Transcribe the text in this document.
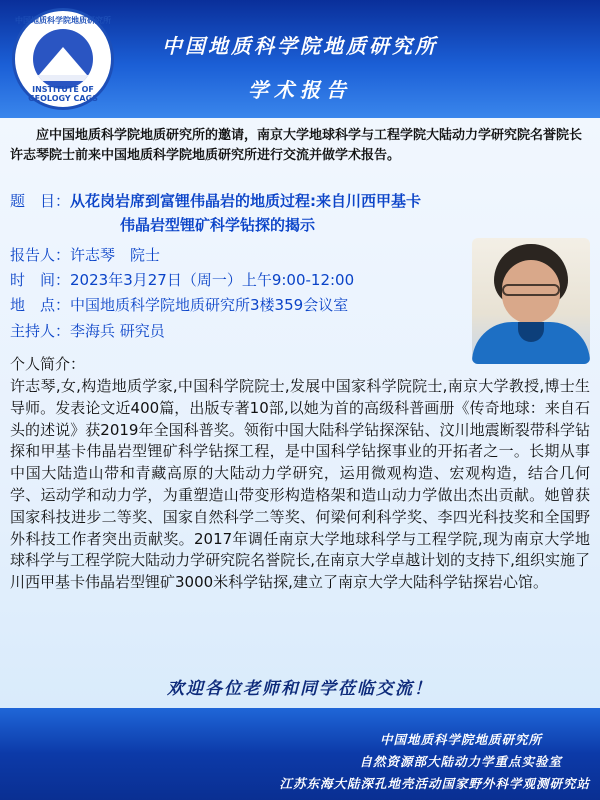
中国地质科学院地质研究所
INSTITUTE OF GEOLOGY CAGS
中国地质科学院地质研究所
学术报告
应中国地质科学院地质研究所的邀请，南京大学地球科学与工程学院大陆动力学研究院名誉院长许志琴院士前来中国地质科学院地质研究所进行交流并做学术报告。
题　目：从花岗岩席到富锂伟晶岩的地质过程:来自川西甲基卡
伟晶岩型锂矿科学钻探的揭示
报告人：许志琴　院士
时　间：2023年3月27日（周一）上午9:00-12:00
地　点：中国地质科学院地质研究所3楼359会议室
主持人：李海兵 研究员
个人简介：
许志琴,女,构造地质学家,中国科学院院士,发展中国家科学院院士,南京大学教授,博士生导师。发表论文近400篇，出版专著10部,以她为首的高级科普画册《传奇地球：来自石头的述说》获2019年全国科普奖。领衔中国大陆科学钻探深钻、汶川地震断裂带科学钻探和甲基卡伟晶岩型锂矿科学钻探工程，是中国科学钻探事业的开拓者之一。长期从事中国大陆造山带和青藏高原的大陆动力学研究，运用微观构造、宏观构造，结合几何学、运动学和动力学，为重塑造山带变形构造格架和造山动力学做出杰出贡献。她曾获国家科技进步二等奖、国家自然科学二等奖、何梁何利科学奖、李四光科技奖和全国野外科技工作者突出贡献奖。2017年调任南京大学地球科学与工程学院,现为南京大学地球科学与工程学院大陆动力学研究院名誉院长,在南京大学卓越计划的支持下,组织实施了川西甲基卡伟晶岩型锂矿3000米科学钻探,建立了南京大学大陆科学钻探岩心馆。
欢迎各位老师和同学莅临交流！
中国地质科学院地质研究所
自然资源部大陆动力学重点实验室
江苏东海大陆深孔地壳活动国家野外科学观测研究站
